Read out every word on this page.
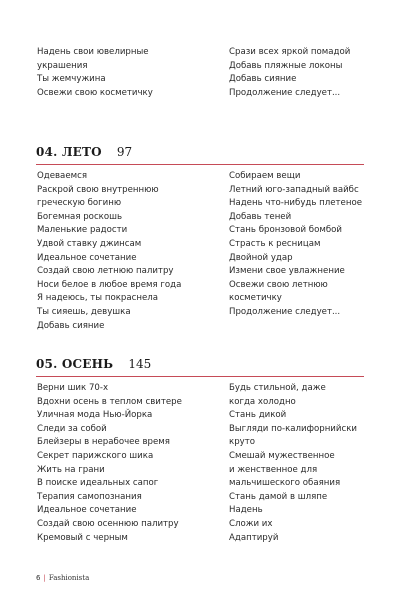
Надень свои ювелирные
украшения
Ты жемчужина
Освежи свою косметичку
Срази всех яркой помадой
Добавь пляжные локоны
Добавь сияние
Продолжение следует...
04. ЛЕТО 97
Одеваемся
Раскрой свою внутреннюю
греческую богиню
Богемная роскошь
Маленькие радости
Удвой ставку джинсам
Идеальное сочетание
Создай свою летнюю палитру
Носи белое в любое время года
Я надеюсь, ты покраснела
Ты сияешь, девушка
Добавь сияние
Собираем вещи
Летний юго-западный вайбс
Надень что-нибудь плетеное
Добавь теней
Стань бронзовой бомбой
Страсть к ресницам
Двойной удар
Измени свое увлажнение
Освежи свою летнюю
косметичку
Продолжение следует...
05. ОСЕНЬ 145
Верни шик 70-х
Вдохни осень в теплом свитере
Уличная мода Нью-Йорка
Следи за собой
Блейзеры в нерабочее время
Секрет парижского шика
Жить на грани
В поиске идеальных сапог
Терапия самопознания
Идеальное сочетание
Создай свою осеннюю палитру
Кремовый с черным
Будь стильной, даже
когда холодно
Стань дикой
Выгляди по-калифорнийски
круто
Смешай мужественное
и женственное для
мальчишеского обаяния
Стань дамой в шляпе
Надень
Сложи их
Адаптируй
6 | Fashionista
